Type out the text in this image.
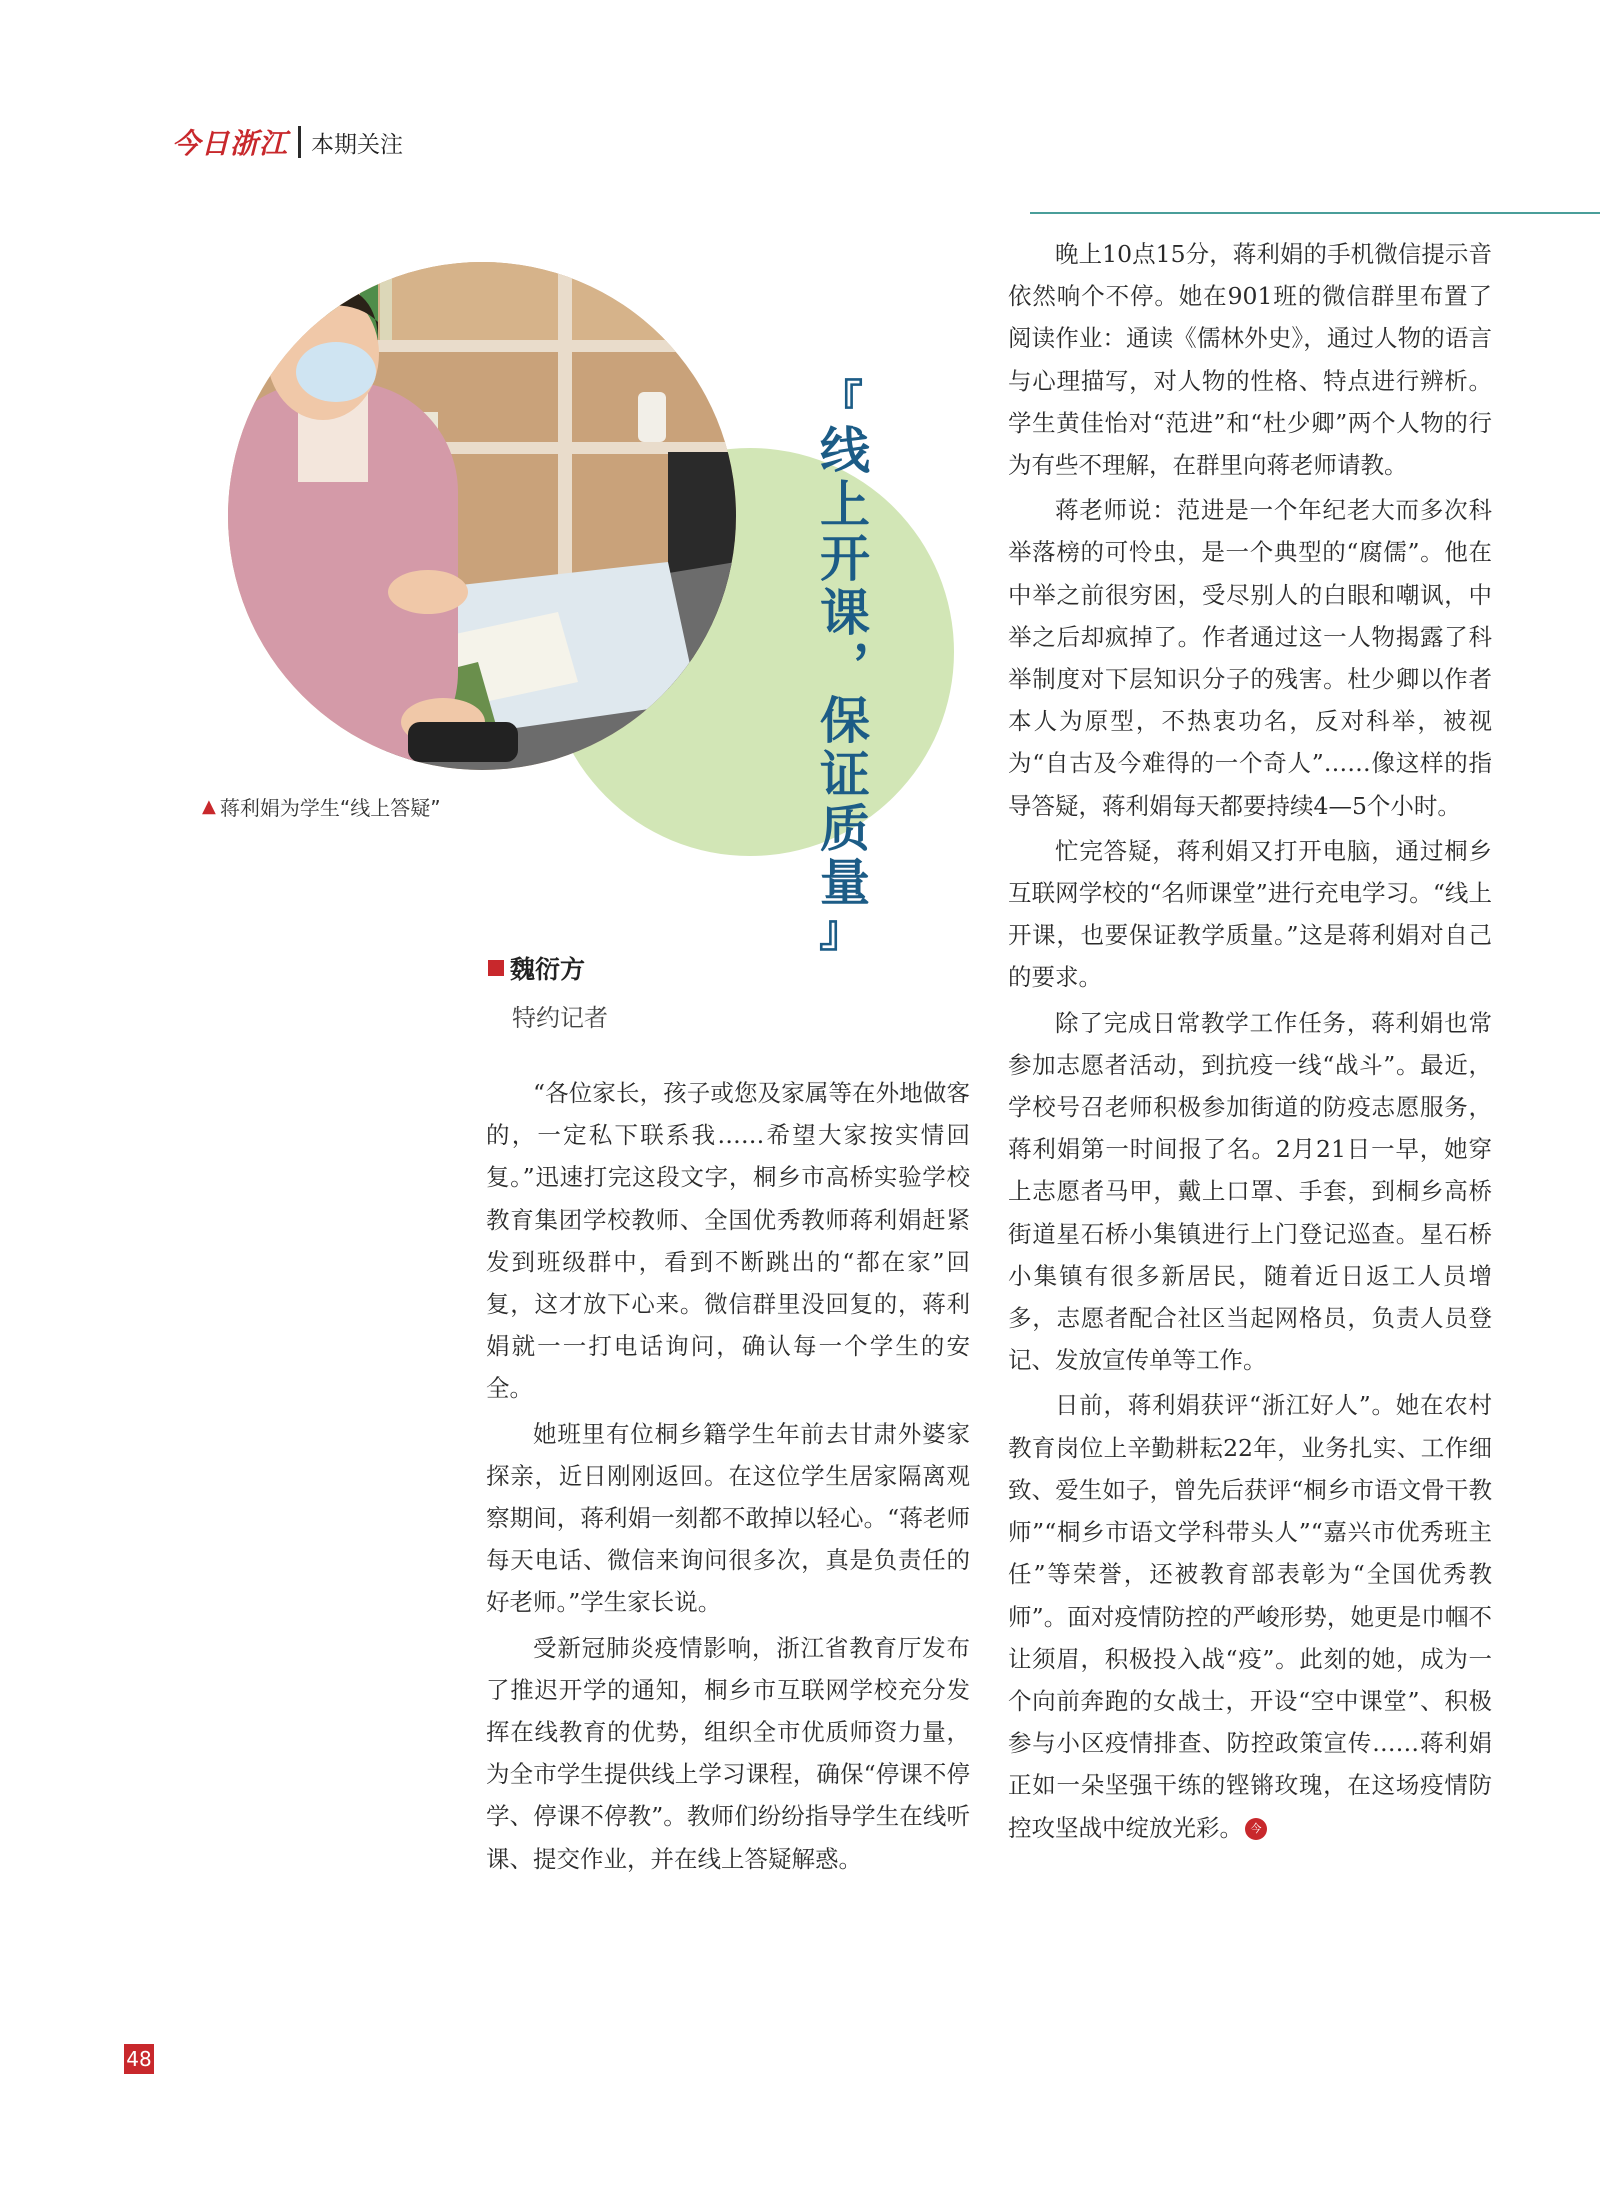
今日浙江 本期关注
『
线上开课，保证质量
』
▲ 蒋利娟为学生“线上答疑”
魏衍方
特约记者

“各位家长，孩子或您及家属等在外地做客的，一定私下联系我……希望大家按实情回复。”迅速打完这段文字，桐乡市高桥实验学校教育集团学校教师、全国优秀教师蒋利娟赶紧发到班级群中，看到不断跳出的“都在家”回复，这才放下心来。微信群里没回复的，蒋利娟就一一打电话询问，确认每一个学生的安全。

她班里有位桐乡籍学生年前去甘肃外婆家探亲，近日刚刚返回。在这位学生居家隔离观察期间，蒋利娟一刻都不敢掉以轻心。“蒋老师每天电话、微信来询问很多次，真是负责任的好老师。”学生家长说。

受新冠肺炎疫情影响，浙江省教育厅发布了推迟开学的通知，桐乡市互联网学校充分发挥在线教育的优势，组织全市优质师资力量，为全市学生提供线上学习课程，确保“停课不停学、停课不停教”。教师们纷纷指导学生在线听课、提交作业，并在线上答疑解惑。

晚上10点15分，蒋利娟的手机微信提示音依然响个不停。她在901班的微信群里布置了阅读作业：通读《儒林外史》，通过人物的语言与心理描写，对人物的性格、特点进行辨析。学生黄佳怡对“范进”和“杜少卿”两个人物的行为有些不理解，在群里向蒋老师请教。

蒋老师说：范进是一个年纪老大而多次科举落榜的可怜虫，是一个典型的“腐儒”。他在中举之前很穷困，受尽别人的白眼和嘲讽，中举之后却疯掉了。作者通过这一人物揭露了科举制度对下层知识分子的残害。杜少卿以作者本人为原型，不热衷功名，反对科举，被视为“自古及今难得的一个奇人”……像这样的指导答疑，蒋利娟每天都要持续4—5个小时。

忙完答疑，蒋利娟又打开电脑，通过桐乡互联网学校的“名师课堂”进行充电学习。“线上开课，也要保证教学质量。”这是蒋利娟对自己的要求。

除了完成日常教学工作任务，蒋利娟也常参加志愿者活动，到抗疫一线“战斗”。最近，学校号召老师积极参加街道的防疫志愿服务，蒋利娟第一时间报了名。2月21日一早，她穿上志愿者马甲，戴上口罩、手套，到桐乡高桥街道星石桥小集镇进行上门登记巡查。星石桥小集镇有很多新居民，随着近日返工人员增多，志愿者配合社区当起网格员，负责人员登记、发放宣传单等工作。

日前，蒋利娟获评“浙江好人”。她在农村教育岗位上辛勤耕耘22年，业务扎实、工作细致、爱生如子，曾先后获评“桐乡市语文骨干教师”“桐乡市语文学科带头人”“嘉兴市优秀班主任”等荣誉，还被教育部表彰为“全国优秀教师”。面对疫情防控的严峻形势，她更是巾帼不让须眉，积极投入战“疫”。此刻的她，成为一个向前奔跑的女战士，开设“空中课堂”、积极参与小区疫情排查、防控政策宣传……蒋利娟正如一朵坚强干练的铿锵玫瑰，在这场疫情防控攻坚战中绽放光彩。 今

48
